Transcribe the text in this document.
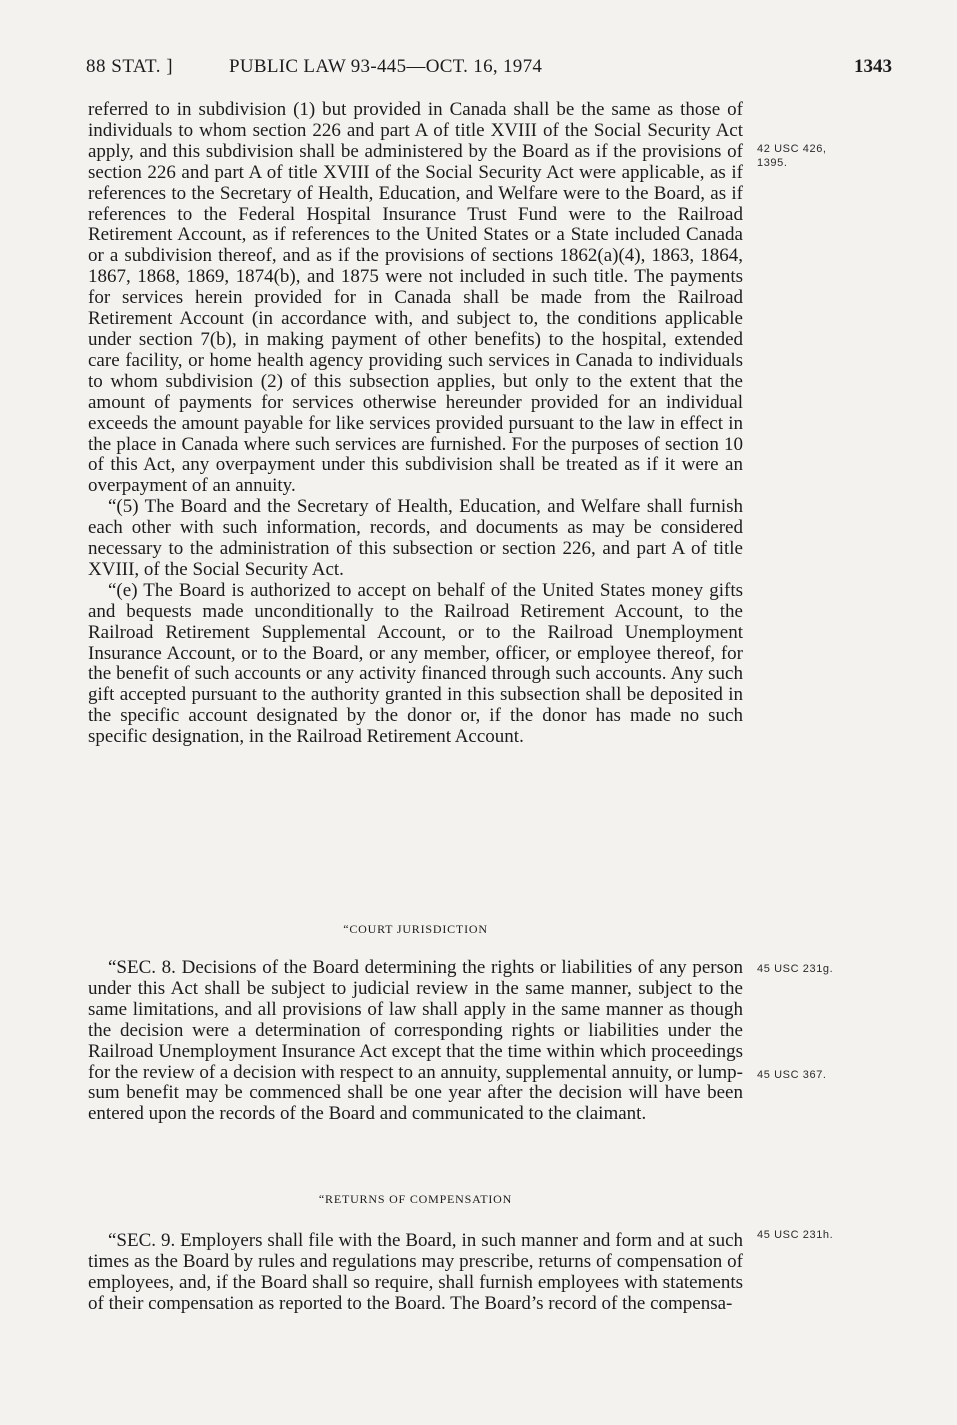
88 STAT. ]	PUBLIC LAW 93-445—OCT. 16, 1974	1343
42 USC 426, 1395.

referred to in subdivision (1) but provided in Canada shall be the same as those of individuals to whom section 226 and part A of title XVIII of the Social Security Act apply, and this subdivision shall be administered by the Board as if the provisions of section 226 and part A of title XVIII of the Social Security Act were applicable, as if references to the Secretary of Health, Education, and Welfare were to the Board, as if references to the Federal Hospital Insurance Trust Fund were to the Railroad Retirement Account, as if references to the United States or a State included Canada or a subdivision thereof, and as if the provisions of sections 1862(a)(4), 1863, 1864, 1867, 1868, 1869, 1874(b), and 1875 were not included in such title. The payments for services herein provided for in Canada shall be made from the Railroad Retirement Account (in accordance with, and subject to, the conditions applicable under section 7(b), in making payment of other benefits) to the hospital, extended care facility, or home health agency providing such services in Canada to individuals to whom subdivision (2) of this subsection applies, but only to the extent that the amount of payments for services otherwise hereunder provided for an individual exceeds the amount payable for like services provided pursuant to the law in effect in the place in Canada where such services are furnished. For the purposes of section 10 of this Act, any overpayment under this subdivision shall be treated as if it were an overpayment of an annuity.

“(5) The Board and the Secretary of Health, Education, and Welfare shall furnish each other with such information, records, and documents as may be considered necessary to the administration of this subsection or section 226, and part A of title XVIII, of the Social Security Act.

“(e) The Board is authorized to accept on behalf of the United States money gifts and bequests made unconditionally to the Railroad Retirement Account, to the Railroad Retirement Supplemental Account, or to the Railroad Unemployment Insurance Account, or to the Board, or any member, officer, or employee thereof, for the benefit of such accounts or any activity financed through such accounts. Any such gift accepted pursuant to the authority granted in this subsection shall be deposited in the specific account designated by the donor or, if the donor has made no such specific designation, in the Railroad Retirement Account.

“COURT JURISDICTION

“SEC. 8. Decisions of the Board determining the rights or liabilities of any person under this Act shall be subject to judicial review in the same manner, subject to the same limitations, and all provisions of law shall apply in the same manner as though the decision were a determination of corresponding rights or liabilities under the Railroad Unemployment Insurance Act except that the time within which proceedings for the review of a decision with respect to an annuity, supplemental annuity, or lump-sum benefit may be commenced shall be one year after the decision will have been entered upon the records of the Board and communicated to the claimant.

45 USC 231g.
45 USC 367.
“RETURNS OF COMPENSATION

“SEC. 9. Employers shall file with the Board, in such manner and form and at such times as the Board by rules and regulations may prescribe, returns of compensation of employees, and, if the Board shall so require, shall furnish employees with statements of their compensation as reported to the Board. The Board’s record of the compensa-

45 USC 231h.
